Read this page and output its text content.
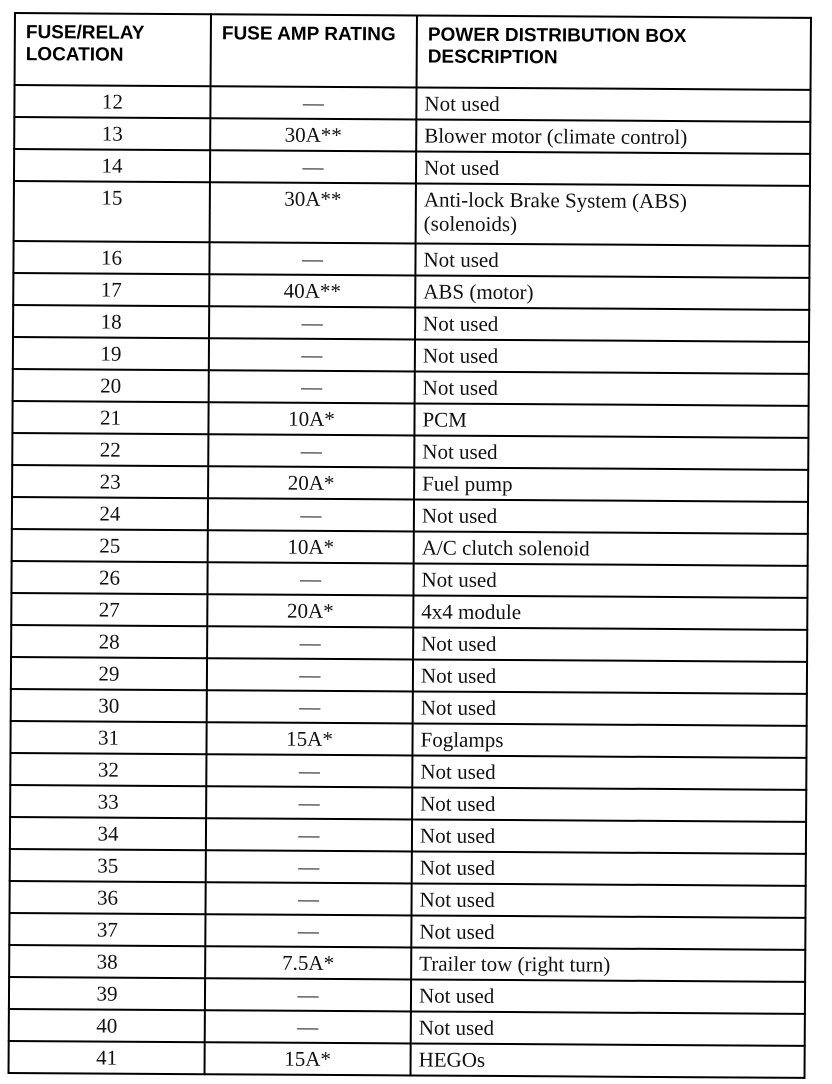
FUSE/RELAY LOCATION	FUSE AMP RATING	POWER DISTRIBUTION BOX DESCRIPTION
12	—	Not used
13	30A**	Blower motor (climate control)
14	—	Not used
15	30A**	Anti-lock Brake System (ABS)
(solenoids)
16	—	Not used
17	40A**	ABS (motor)
18	—	Not used
19	—	Not used
20	—	Not used
21	10A*	PCM
22	—	Not used
23	20A*	Fuel pump
24	—	Not used
25	10A*	A/C clutch solenoid
26	—	Not used
27	20A*	4x4 module
28	—	Not used
29	—	Not used
30	—	Not used
31	15A*	Foglamps
32	—	Not used
33	—	Not used
34	—	Not used
35	—	Not used
36	—	Not used
37	—	Not used
38	7.5A*	Trailer tow (right turn)
39	—	Not used
40	—	Not used
41	15A*	HEGOs
